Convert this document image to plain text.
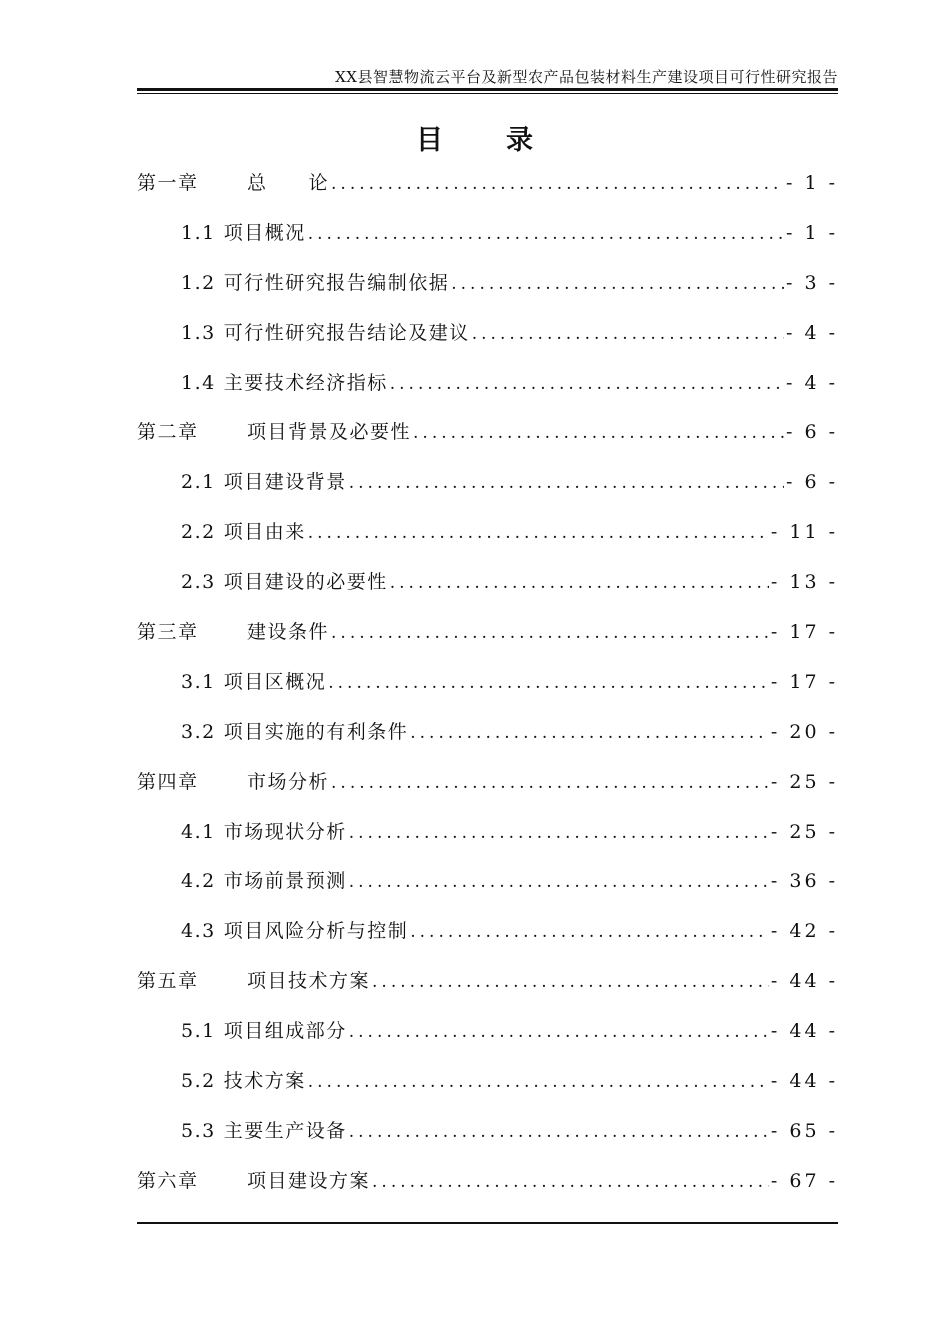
XX县智慧物流云平台及新型农产品包装材料生产建设项目可行性研究报告
目 录
第一章	总　　论 .....	- 1 -
1.1 项目概况 .....	- 1 -
1.2 可行性研究报告编制依据 .....	- 3 -
1.3 可行性研究报告结论及建议 .....	- 4 -
1.4 主要技术经济指标 .....	- 4 -
第二章	项目背景及必要性 .....	- 6 -
2.1 项目建设背景 .....	- 6 -
2.2 项目由来 .....	- 11 -
2.3 项目建设的必要性 .....	- 13 -
第三章	建设条件 .....	- 17 -
3.1 项目区概况 .....	- 17 -
3.2 项目实施的有利条件 .....	- 20 -
第四章	市场分析 .....	- 25 -
4.1 市场现状分析 .....	- 25 -
4.2 市场前景预测 .....	- 36 -
4.3 项目风险分析与控制 .....	- 42 -
第五章	项目技术方案 .....	- 44 -
5.1 项目组成部分 .....	- 44 -
5.2 技术方案 .....	- 44 -
5.3 主要生产设备 .....	- 65 -
第六章	项目建设方案 .....	- 67 -
